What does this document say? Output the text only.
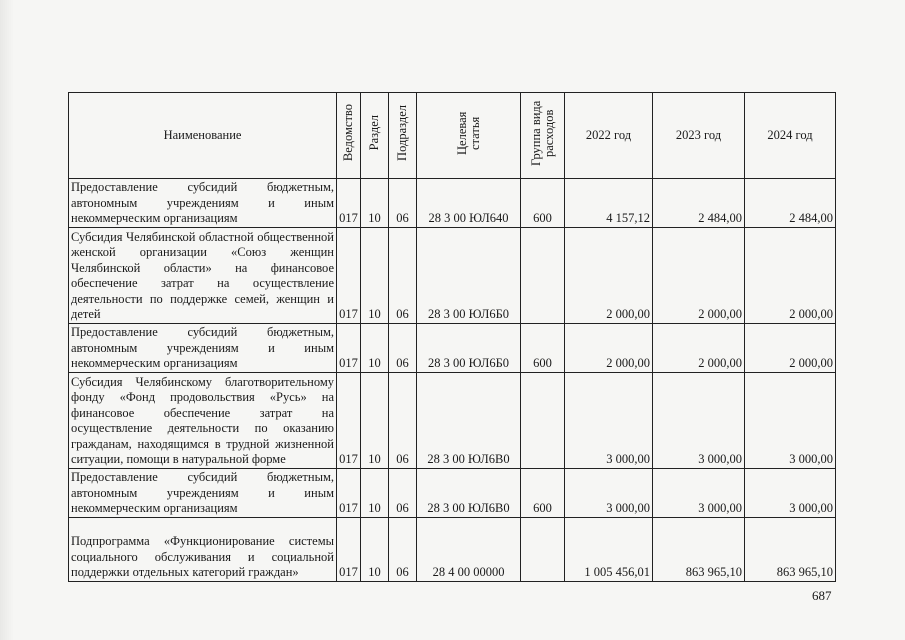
Наименование	Ведомство	Раздел	Подраздел	Целевая статья	Группа вида расходов	2022 год	2023 год	2024 год
Предоставление субсидий бюджетным, автономным учреждениям и иным некоммерческим организациям	017	10	06	28 3 00 ЮЛ640	600	4 157,12	2 484,00	2 484,00
Субсидия Челябинской областной общественной женской организации «Союз женщин Челябинской области» на финансовое обеспечение затрат на осуществление деятельности по поддержке семей, женщин и детей	017	10	06	28 3 00 ЮЛ6Б0		2 000,00	2 000,00	2 000,00
Предоставление субсидий бюджетным, автономным учреждениям и иным некоммерческим организациям	017	10	06	28 3 00 ЮЛ6Б0	600	2 000,00	2 000,00	2 000,00
Субсидия Челябинскому благотворительному фонду «Фонд продовольствия «Русь» на финансовое обеспечение затрат на осуществление деятельности по оказанию гражданам, находящимся в трудной жизненной ситуации, помощи в натуральной форме	017	10	06	28 3 00 ЮЛ6В0		3 000,00	3 000,00	3 000,00
Предоставление субсидий бюджетным, автономным учреждениям и иным некоммерческим организациям	017	10	06	28 3 00 ЮЛ6В0	600	3 000,00	3 000,00	3 000,00
Подпрограмма «Функционирование системы социального обслуживания и социальной поддержки отдельных категорий граждан»	017	10	06	28 4 00 00000		1 005 456,01	863 965,10	863 965,10
687
